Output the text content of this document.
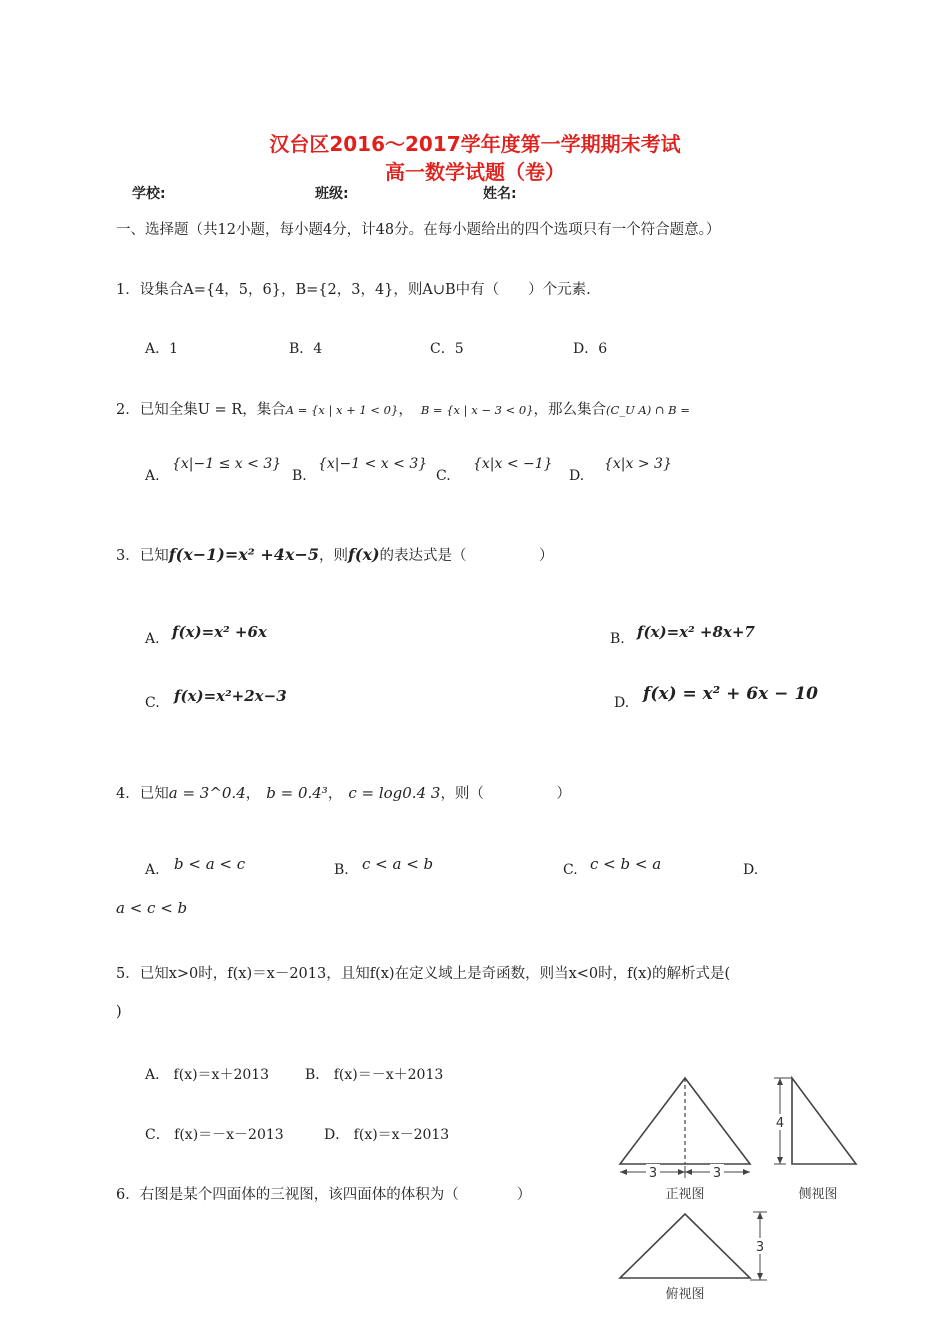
汉台区2016～2017学年度第一学期期末考试
高一数学试题（卷）
学校:	班级:	姓名:
一、选择题（共12小题，每小题4分，计48分。在每小题给出的四个选项只有一个符合题意。）
1．设集合A={4，5，6}，B={2，3，4}，则A∪B中有（　　）个元素.
A．1	B．4	C．5	D．6
2．已知全集U = R，集合A = {x | x + 1 < 0}， B = {x | x − 3 < 0}，那么集合(C_U A) ∩ B =
A.
{x|−1 ≤ x < 3}
B.
{x|−1 < x < 3}
C.
{x|x < −1}
D.
{x|x > 3}
3．已知f(x−1)=x² +4x−5，则f(x)的表达式是（　　　　　）
A. f(x)=x² +6x	B. f(x)=x² +8x+7
C. f(x)=x²+2x−3	D. f(x) = x² + 6x − 10
4．已知a = 3^0.4， b = 0.4³， c = log0.4 3，则（　　　　　）
A. b < a < c	B. c < a < b	C. c < b < a	D.
a < c < b
5．已知x>0时，f(x)＝x－2013，且知f(x)在定义域上是奇函数，则当x<0时，f(x)的解析式是(
)
A． f(x)＝x＋2013	B． f(x)＝－x＋2013
C． f(x)＝－x－2013	D． f(x)＝x－2013
6．右图是某个四面体的三视图，该四面体的体积为（　　　　）
3	3
正视图
4
侧视图
3
俯视图
